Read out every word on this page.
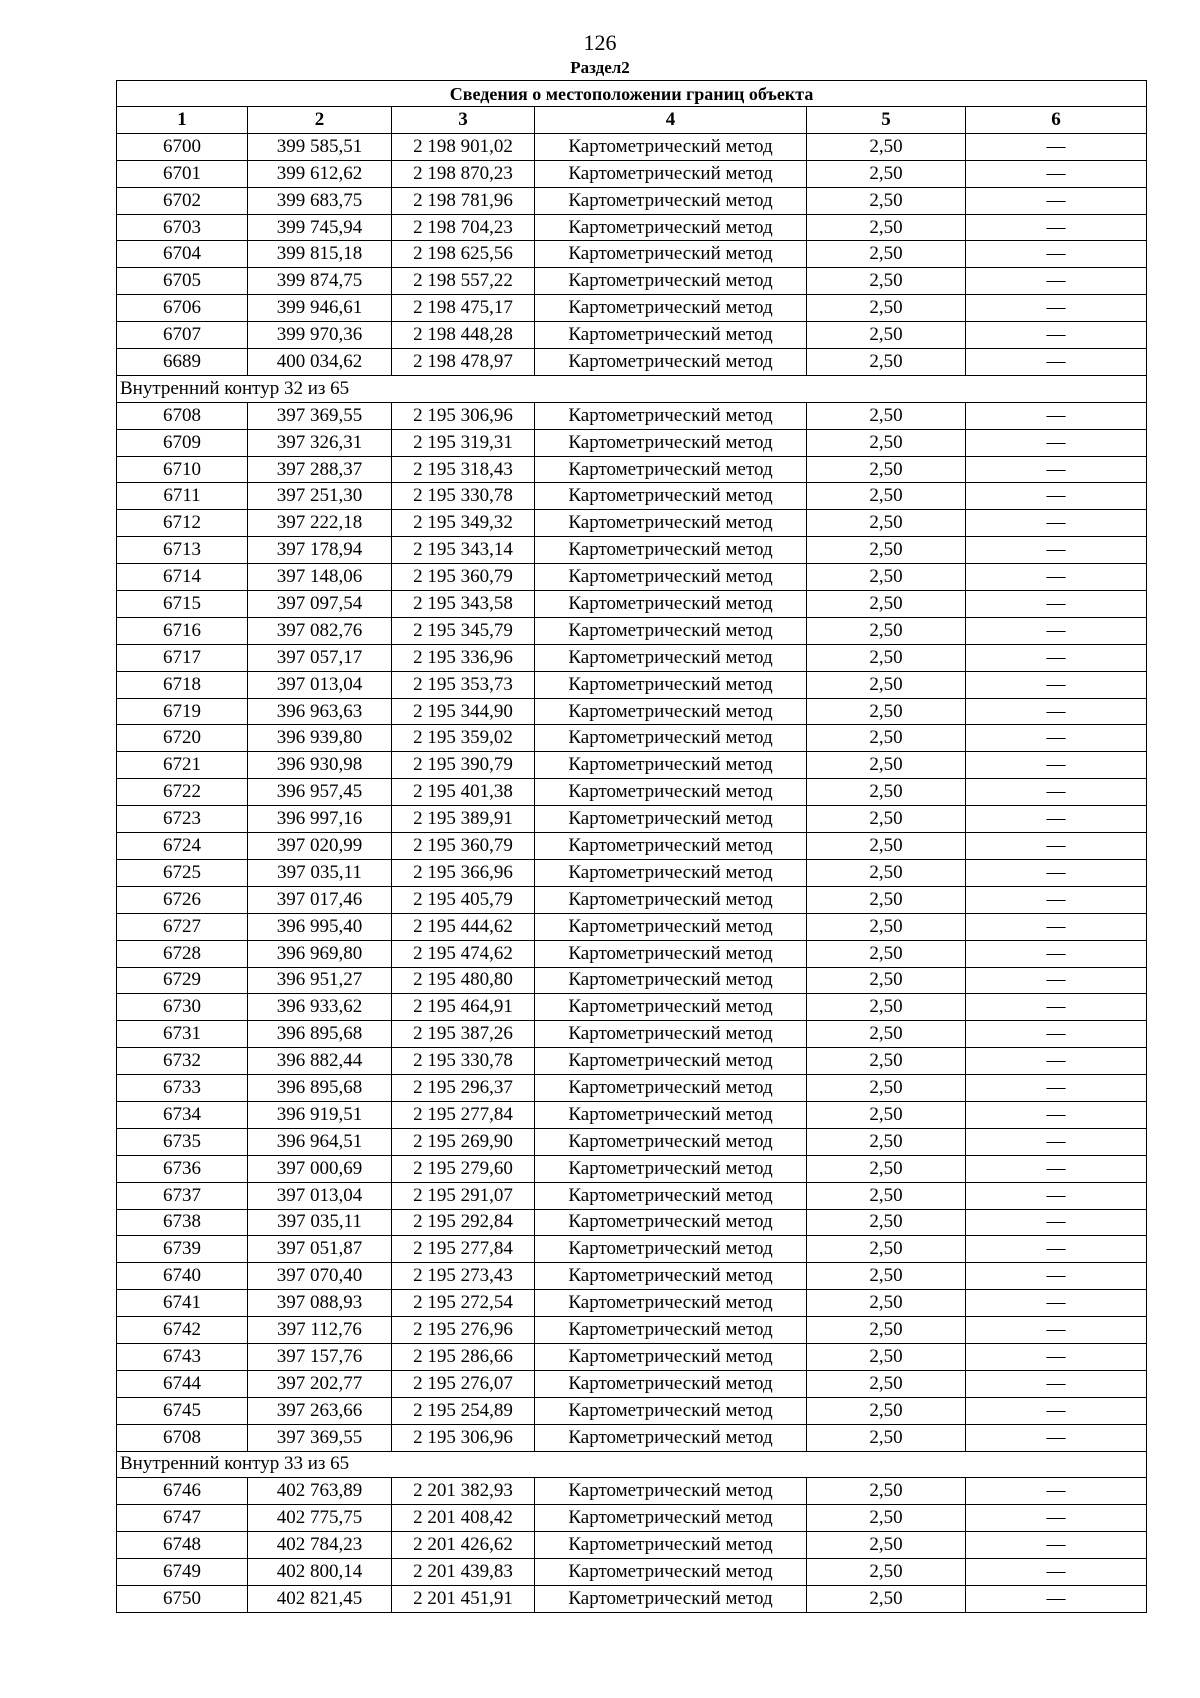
126
Раздел2
Сведения о местоположении границ объекта					
1	2	3	4	5	6
6700	399 585,51	2 198 901,02	Картометрический метод	2,50	—
6701	399 612,62	2 198 870,23	Картометрический метод	2,50	—
6702	399 683,75	2 198 781,96	Картометрический метод	2,50	—
6703	399 745,94	2 198 704,23	Картометрический метод	2,50	—
6704	399 815,18	2 198 625,56	Картометрический метод	2,50	—
6705	399 874,75	2 198 557,22	Картометрический метод	2,50	—
6706	399 946,61	2 198 475,17	Картометрический метод	2,50	—
6707	399 970,36	2 198 448,28	Картометрический метод	2,50	—
6689	400 034,62	2 198 478,97	Картометрический метод	2,50	—
Внутренний контур 32 из 65					
6708	397 369,55	2 195 306,96	Картометрический метод	2,50	—
6709	397 326,31	2 195 319,31	Картометрический метод	2,50	—
6710	397 288,37	2 195 318,43	Картометрический метод	2,50	—
6711	397 251,30	2 195 330,78	Картометрический метод	2,50	—
6712	397 222,18	2 195 349,32	Картометрический метод	2,50	—
6713	397 178,94	2 195 343,14	Картометрический метод	2,50	—
6714	397 148,06	2 195 360,79	Картометрический метод	2,50	—
6715	397 097,54	2 195 343,58	Картометрический метод	2,50	—
6716	397 082,76	2 195 345,79	Картометрический метод	2,50	—
6717	397 057,17	2 195 336,96	Картометрический метод	2,50	—
6718	397 013,04	2 195 353,73	Картометрический метод	2,50	—
6719	396 963,63	2 195 344,90	Картометрический метод	2,50	—
6720	396 939,80	2 195 359,02	Картометрический метод	2,50	—
6721	396 930,98	2 195 390,79	Картометрический метод	2,50	—
6722	396 957,45	2 195 401,38	Картометрический метод	2,50	—
6723	396 997,16	2 195 389,91	Картометрический метод	2,50	—
6724	397 020,99	2 195 360,79	Картометрический метод	2,50	—
6725	397 035,11	2 195 366,96	Картометрический метод	2,50	—
6726	397 017,46	2 195 405,79	Картометрический метод	2,50	—
6727	396 995,40	2 195 444,62	Картометрический метод	2,50	—
6728	396 969,80	2 195 474,62	Картометрический метод	2,50	—
6729	396 951,27	2 195 480,80	Картометрический метод	2,50	—
6730	396 933,62	2 195 464,91	Картометрический метод	2,50	—
6731	396 895,68	2 195 387,26	Картометрический метод	2,50	—
6732	396 882,44	2 195 330,78	Картометрический метод	2,50	—
6733	396 895,68	2 195 296,37	Картометрический метод	2,50	—
6734	396 919,51	2 195 277,84	Картометрический метод	2,50	—
6735	396 964,51	2 195 269,90	Картометрический метод	2,50	—
6736	397 000,69	2 195 279,60	Картометрический метод	2,50	—
6737	397 013,04	2 195 291,07	Картометрический метод	2,50	—
6738	397 035,11	2 195 292,84	Картометрический метод	2,50	—
6739	397 051,87	2 195 277,84	Картометрический метод	2,50	—
6740	397 070,40	2 195 273,43	Картометрический метод	2,50	—
6741	397 088,93	2 195 272,54	Картометрический метод	2,50	—
6742	397 112,76	2 195 276,96	Картометрический метод	2,50	—
6743	397 157,76	2 195 286,66	Картометрический метод	2,50	—
6744	397 202,77	2 195 276,07	Картометрический метод	2,50	—
6745	397 263,66	2 195 254,89	Картометрический метод	2,50	—
6708	397 369,55	2 195 306,96	Картометрический метод	2,50	—
Внутренний контур 33 из 65					
6746	402 763,89	2 201 382,93	Картометрический метод	2,50	—
6747	402 775,75	2 201 408,42	Картометрический метод	2,50	—
6748	402 784,23	2 201 426,62	Картометрический метод	2,50	—
6749	402 800,14	2 201 439,83	Картометрический метод	2,50	—
6750	402 821,45	2 201 451,91	Картометрический метод	2,50	—
